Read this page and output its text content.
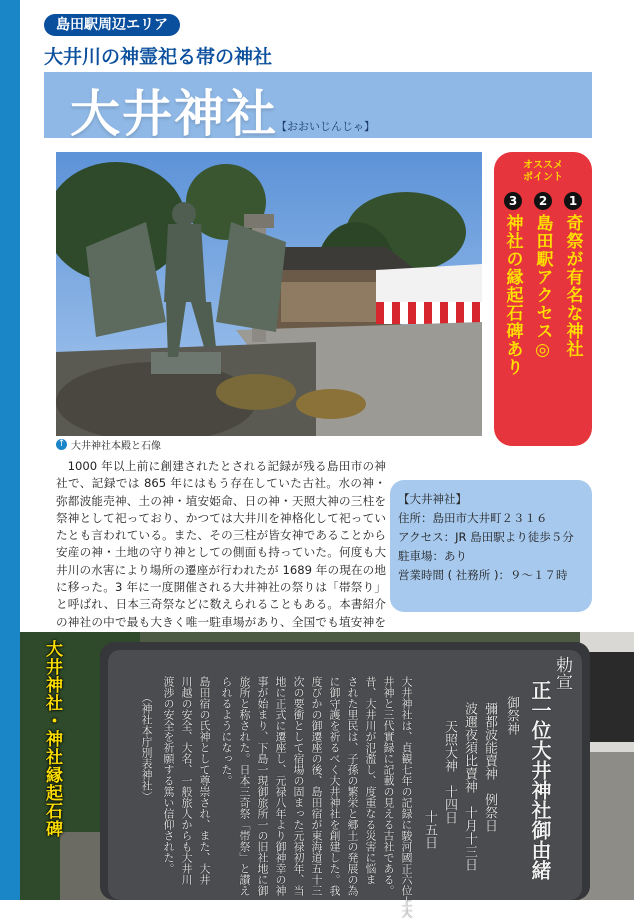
島田駅周辺エリア
大井川の神霊祀る帯の神社
大井神社
【おおいじんじゃ】
↑ 大井神社本殿と石像
オススメ
ポイント
1
奇祭が有名な神社
2
島田駅アクセス◎
3
神社の縁起石碑あり
1000 年以上前に創建されたとされる記録が残る島田市の神社で、記録では 865 年にはもう存在していた古社。水の神・弥都波能売神、土の神・埴安姫命、日の神・天照大神の三柱を祭神として祀っており、かつては大井川を神格化して祀っていたとも言われている。また、その三柱が皆女神であることから安産の神・土地の守り神としての側面も持っていた。何度も大井川の水害により場所の遷座が行われたが 1689 年の現在の地に移った。3 年に一度開催される大井神社の祭りは「帯祭り」と呼ばれ、日本三奇祭などに数えられることもある。本書紹介の神社の中で最も大きく唯一駐車場があり、全国でも埴安神を
【大井神社】
住所：島田市大井町２３１６
アクセス：JR 島田駅より徒歩５分
駐車場：あり
営業時間 ( 社務所 )：９～１７時
大井神社・神社縁起石碑	勅宣
正一位大井神社御由緒
御祭神
彌都波能賣神　例祭日
波邇夜須比賣神　十月十三日
天照大神　十四日
十五日
大井神社は、貞観七年の記録に駿河國正六位上大
井神と三代實録に記載の見える古社である。
昔、大井川が氾濫し、度重なる災害に悩ま
された里民は、子孫の繁栄と郷土の発展の為
に御守護を祈るべく大井神社を創建した。我
度びかの御遷座の後、島田宿が東海道五十三
次の要衝として宿場の固まった元禄初年、当
地に正式に遷座し、元禄八年より御神幸の神
事が始まり、下島一現御旅所一の旧社地に御
旅所と称された。日本三奇祭「帯祭」と讃え
られるようになった。
島田宿の氏神として尊崇され、また、大井
川越の安全、大名、一般旅人からも大井川
渡渉の安全を祈願する篤い信仰された。
（神社本庁別表神社）
